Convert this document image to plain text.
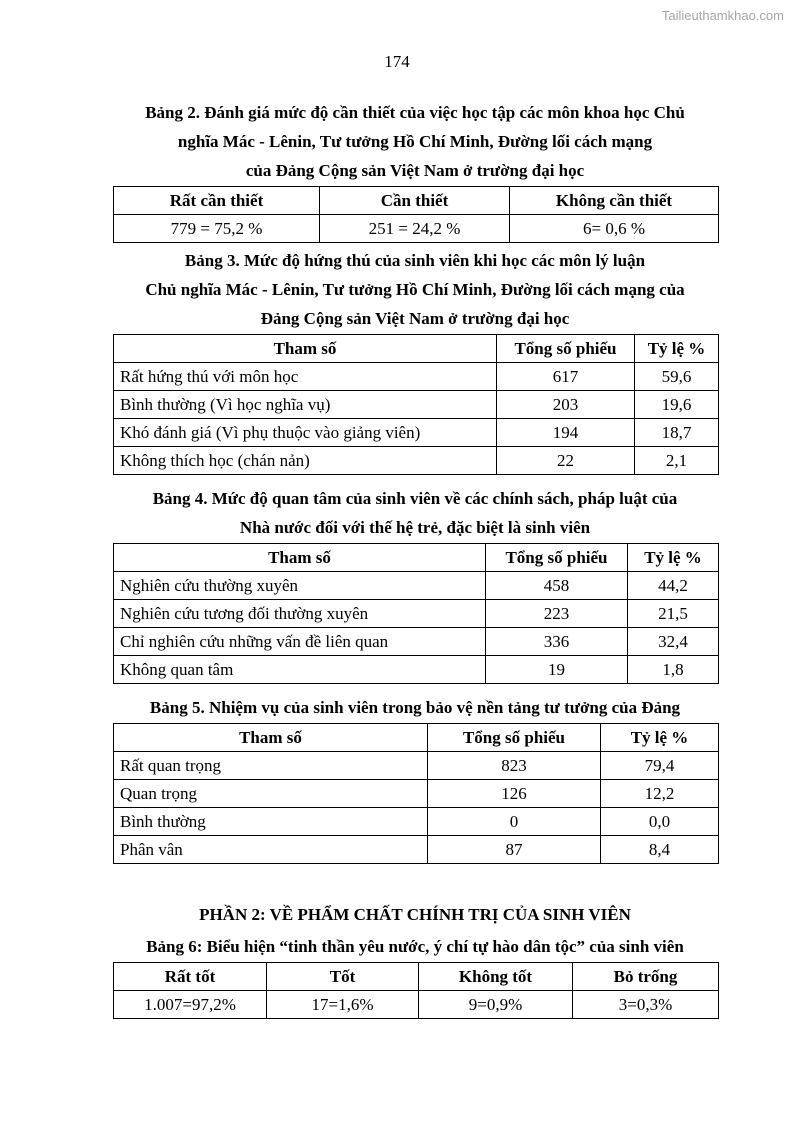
Tailieuthamkhao.com
174
Bảng 2. Đánh giá mức độ cần thiết của việc học tập các môn khoa học Chủ
nghĩa Mác - Lênin, Tư tưởng Hồ Chí Minh, Đường lối cách mạng
của Đảng Cộng sản Việt Nam ở trường đại học
Rất cần thiết	Cần thiết	Không cần thiết
779 = 75,2 %	251 = 24,2 %	6= 0,6 %
Bảng 3. Mức độ hứng thú của sinh viên khi học các môn lý luận
Chủ nghĩa Mác - Lênin, Tư tưởng Hồ Chí Minh, Đường lối cách mạng của
Đảng Cộng sản Việt Nam ở trường đại học
Tham số	Tổng số phiếu	Tỷ lệ %
Rất hứng thú với môn học	617	59,6
Bình thường (Vì học nghĩa vụ)	203	19,6
Khó đánh giá (Vì phụ thuộc vào giảng viên)	194	18,7
Không thích học (chán nản)	22	2,1
Bảng 4. Mức độ quan tâm của sinh viên về các chính sách, pháp luật của
Nhà nước đối với thế hệ trẻ, đặc biệt là sinh viên
Tham số	Tổng số phiếu	Tỷ lệ %
Nghiên cứu thường xuyên	458	44,2
Nghiên cứu tương đối thường xuyên	223	21,5
Chỉ nghiên cứu những vấn đề liên quan	336	32,4
Không quan tâm	19	1,8
Bảng 5. Nhiệm vụ của sinh viên trong bảo vệ nền tảng tư tưởng của Đảng
Tham số	Tổng số phiếu	Tỷ lệ %
Rất quan trọng	823	79,4
Quan trọng	126	12,2
Bình thường	0	0,0
Phân vân	87	8,4
PHẦN 2: VỀ PHẨM CHẤT CHÍNH TRỊ CỦA SINH VIÊN
Bảng 6: Biểu hiện “tinh thần yêu nước, ý chí tự hào dân tộc” của sinh viên
Rất tốt	Tốt	Không tốt	Bỏ trống
1.007=97,2%	17=1,6%	9=0,9%	3=0,3%
